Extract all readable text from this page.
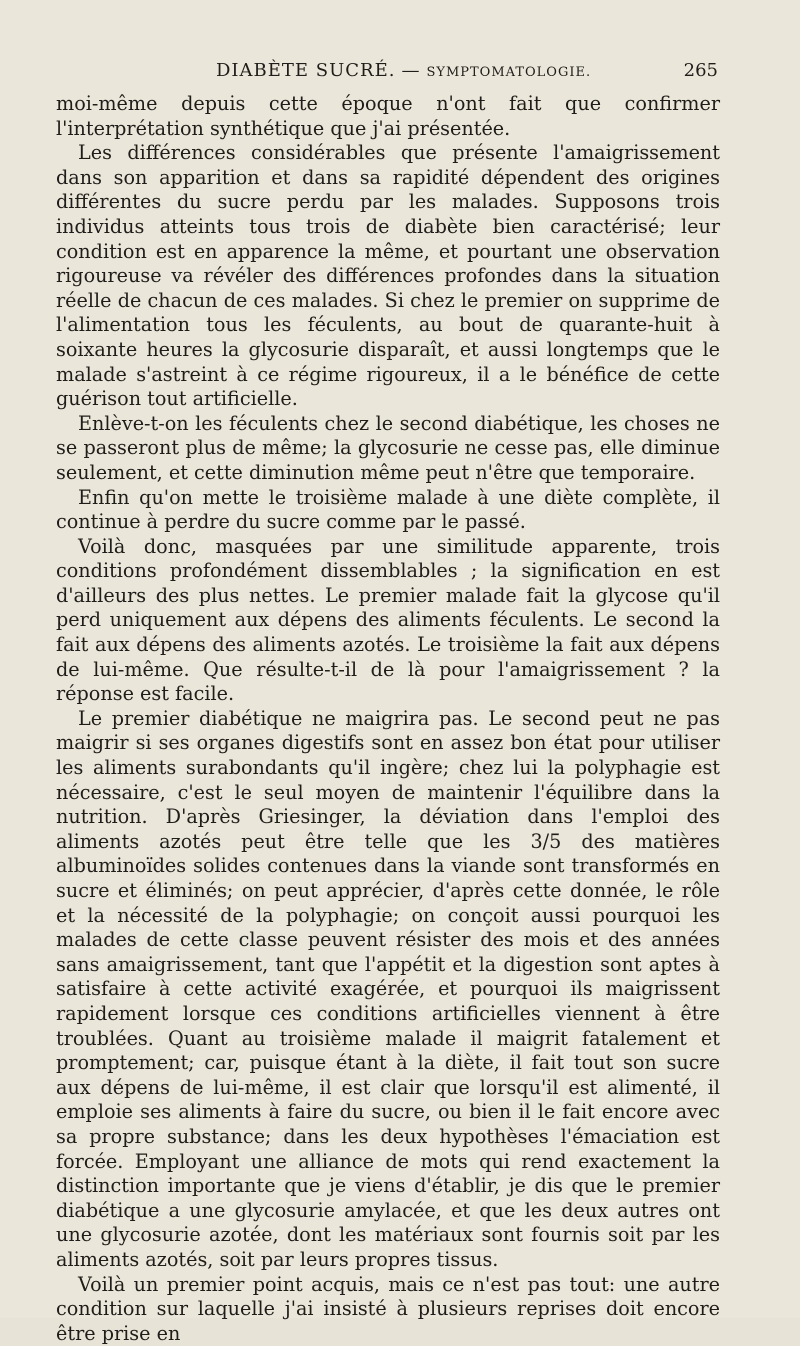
DIABÈTE SUCRÉ. — SYMPTOMATOLOGIE.	265

moi-même depuis cette époque n'ont fait que confirmer l'interprétation synthétique que j'ai présentée.

Les différences considérables que présente l'amaigrissement dans son apparition et dans sa rapidité dépendent des origines différentes du sucre perdu par les malades. Supposons trois individus atteints tous trois de diabète bien caractérisé; leur condition est en apparence la même, et pourtant une observation rigoureuse va révéler des différences profondes dans la situation réelle de chacun de ces malades. Si chez le premier on supprime de l'alimentation tous les féculents, au bout de quarante-huit à soixante heures la glycosurie disparaît, et aussi longtemps que le malade s'astreint à ce régime rigoureux, il a le bénéfice de cette guérison tout artificielle.

Enlève-t-on les féculents chez le second diabétique, les choses ne se passeront plus de même; la glycosurie ne cesse pas, elle diminue seulement, et cette diminution même peut n'être que temporaire.

Enfin qu'on mette le troisième malade à une diète complète, il continue à perdre du sucre comme par le passé.

Voilà donc, masquées par une similitude apparente, trois conditions profondément dissemblables ; la signification en est d'ailleurs des plus nettes. Le premier malade fait la glycose qu'il perd uniquement aux dépens des aliments féculents. Le second la fait aux dépens des aliments azotés. Le troisième la fait aux dépens de lui-même. Que résulte-t-il de là pour l'amaigrissement ? la réponse est facile.

Le premier diabétique ne maigrira pas. Le second peut ne pas maigrir si ses organes digestifs sont en assez bon état pour utiliser les aliments surabondants qu'il ingère; chez lui la polyphagie est nécessaire, c'est le seul moyen de maintenir l'équilibre dans la nutrition. D'après Griesinger, la déviation dans l'emploi des aliments azotés peut être telle que les 3/5 des matières albuminoïdes solides contenues dans la viande sont transformés en sucre et éliminés; on peut apprécier, d'après cette donnée, le rôle et la nécessité de la polyphagie; on conçoit aussi pourquoi les malades de cette classe peuvent résister des mois et des années sans amaigrissement, tant que l'appétit et la digestion sont aptes à satisfaire à cette activité exagérée, et pourquoi ils maigrissent rapidement lorsque ces conditions artificielles viennent à être troublées. Quant au troisième malade il maigrit fatalement et promptement; car, puisque étant à la diète, il fait tout son sucre aux dépens de lui-même, il est clair que lorsqu'il est alimenté, il emploie ses aliments à faire du sucre, ou bien il le fait encore avec sa propre substance; dans les deux hypothèses l'émaciation est forcée. Employant une alliance de mots qui rend exactement la distinction importante que je viens d'établir, je dis que le premier diabétique a une glycosurie amylacée, et que les deux autres ont une glycosurie azotée, dont les matériaux sont fournis soit par les aliments azotés, soit par leurs propres tissus.

Voilà un premier point acquis, mais ce n'est pas tout: une autre condition sur laquelle j'ai insisté à plusieurs reprises doit encore être prise en
